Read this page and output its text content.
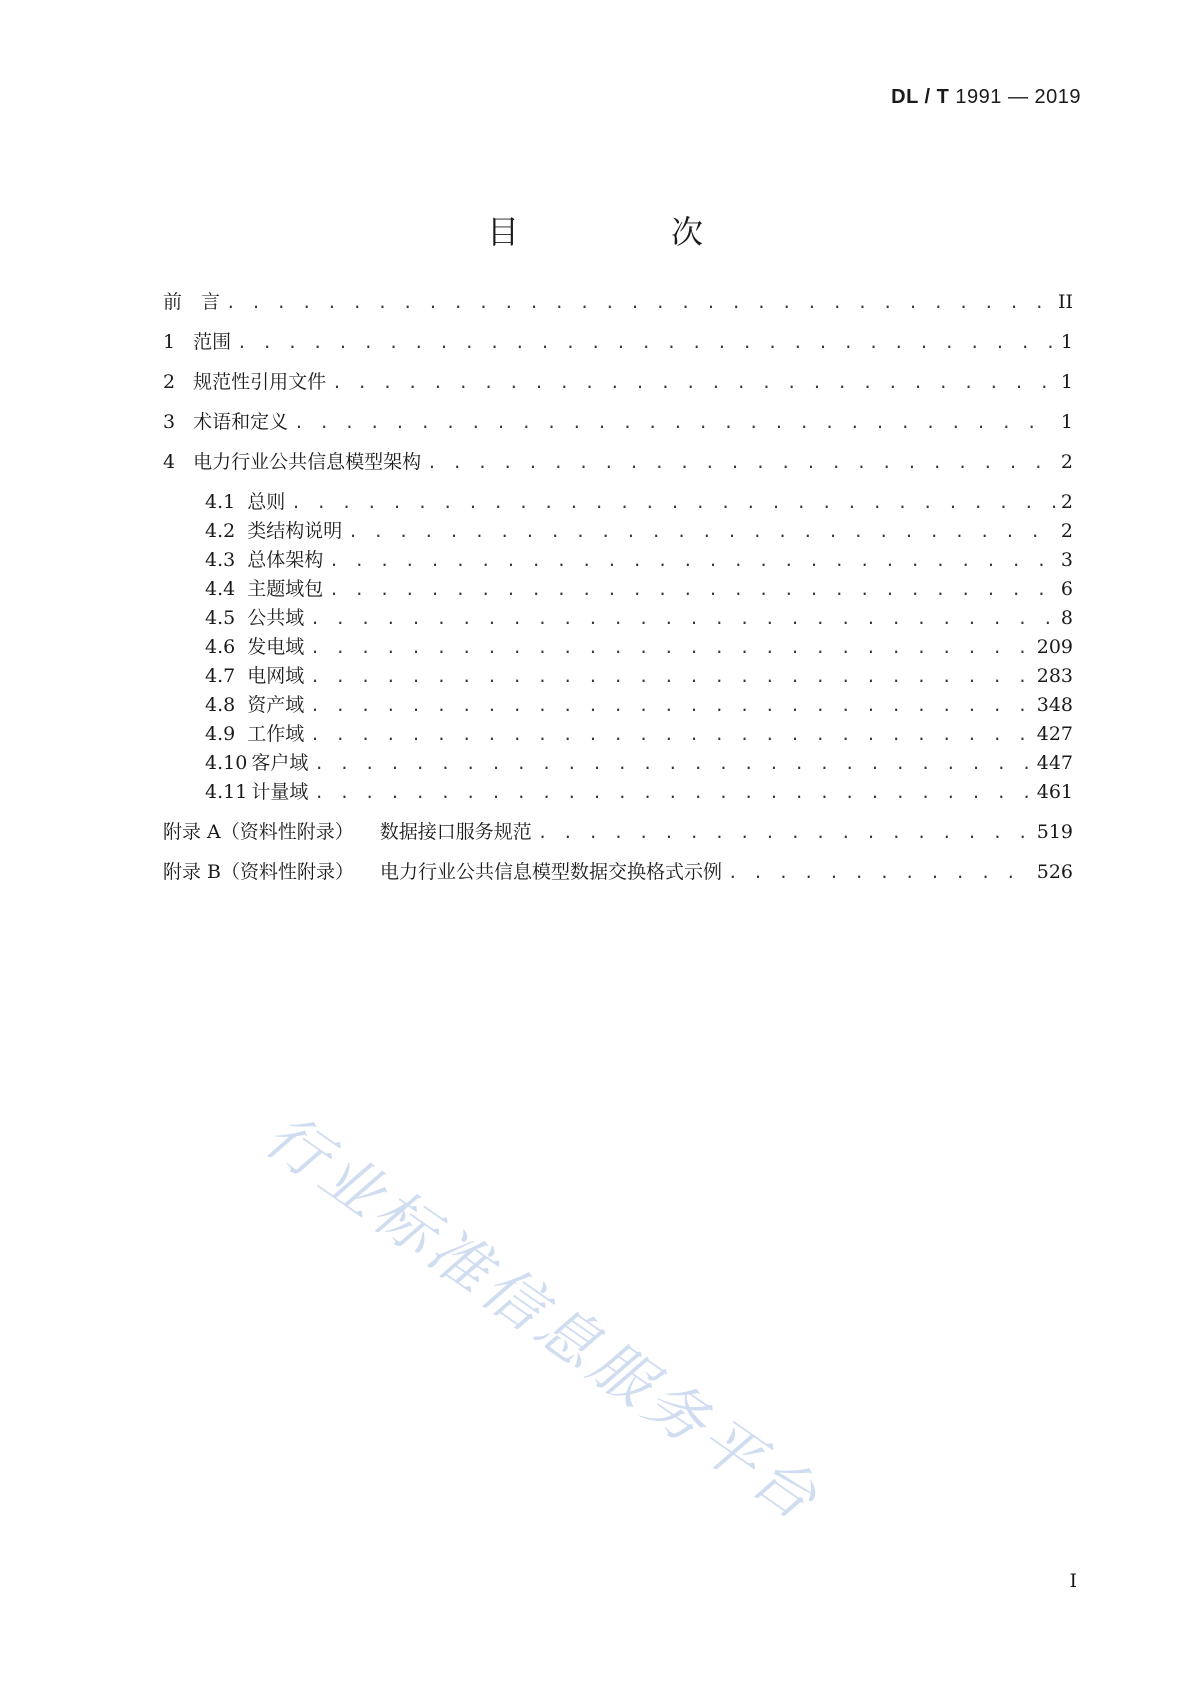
DL / T 1991 — 2019
目　次
前　言 . . .	II
1 范围 . . .	1
2 规范性引用文件 . . .	1
3 术语和定义 . . .	1
4 电力行业公共信息模型架构 . . .	2
4.1 总则 . . .	2
4.2 类结构说明 . . .	2
4.3 总体架构 . . .	3
4.4 主题域包 . . .	6
4.5 公共域 . . .	8
4.6 发电域 . . .	209
4.7 电网域 . . .	283
4.8 资产域 . . .	348
4.9 工作域 . . .	427
4.10 客户域 . . .	447
4.11 计量域 . . .	461
附录 A（资料性附录） 数据接口服务规范 . . .	519
附录 B（资料性附录） 电力行业公共信息模型数据交换格式示例 . . .	526
行业标准信息服务平台
I
